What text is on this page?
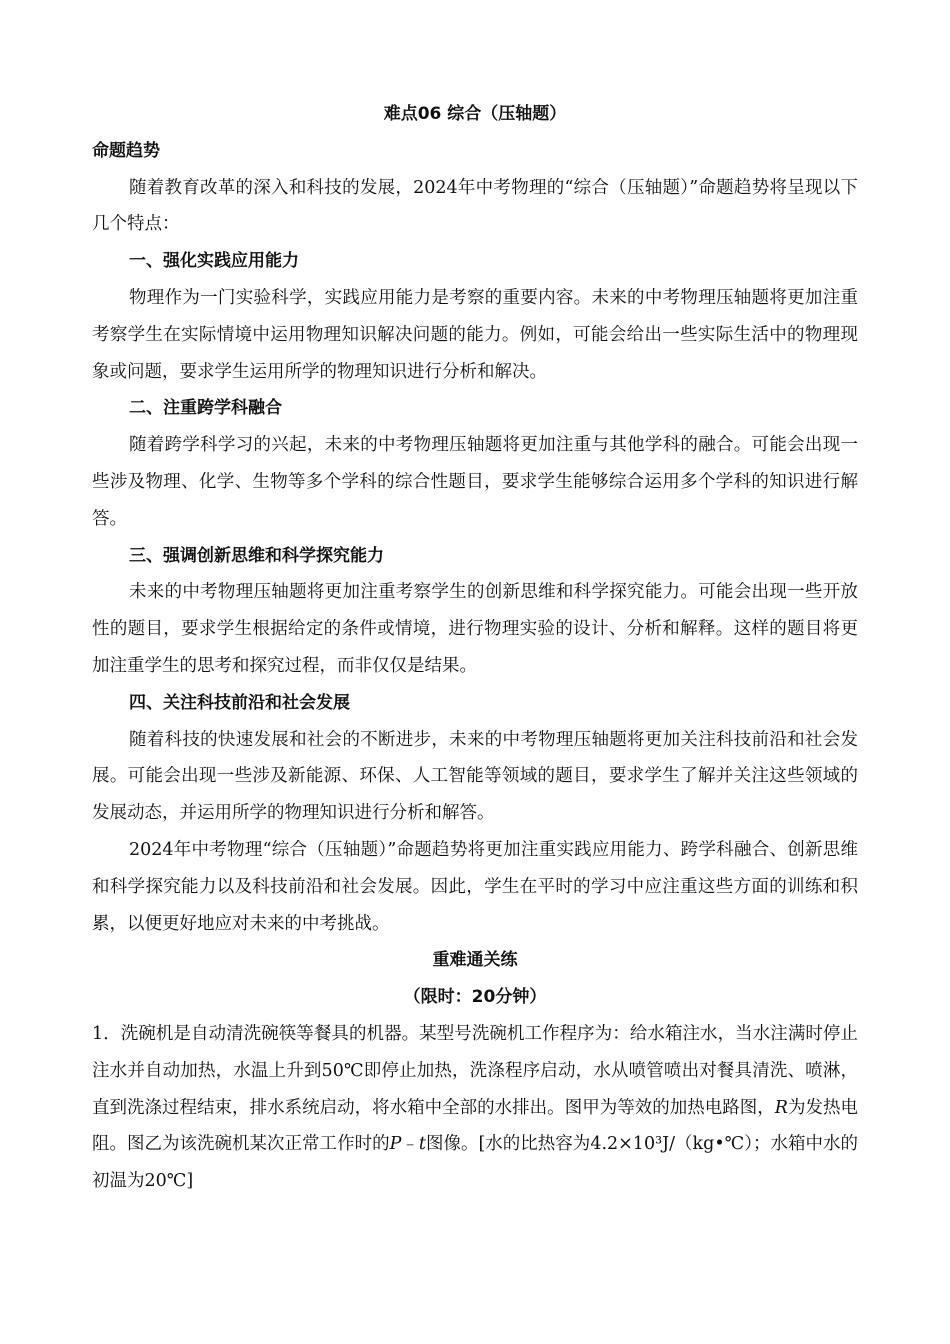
难点06 综合（压轴题）

命题趋势

随着教育改革的深入和科技的发展，2024年中考物理的“综合（压轴题）”命题趋势将呈现以下几个特点：

一、强化实践应用能力

物理作为一门实验科学，实践应用能力是考察的重要内容。未来的中考物理压轴题将更加注重考察学生在实际情境中运用物理知识解决问题的能力。例如，可能会给出一些实际生活中的物理现象或问题，要求学生运用所学的物理知识进行分析和解决。

二、注重跨学科融合

随着跨学科学习的兴起，未来的中考物理压轴题将更加注重与其他学科的融合。可能会出现一些涉及物理、化学、生物等多个学科的综合性题目，要求学生能够综合运用多个学科的知识进行解答。

三、强调创新思维和科学探究能力

未来的中考物理压轴题将更加注重考察学生的创新思维和科学探究能力。可能会出现一些开放性的题目，要求学生根据给定的条件或情境，进行物理实验的设计、分析和解释。这样的题目将更加注重学生的思考和探究过程，而非仅仅是结果。

四、关注科技前沿和社会发展

随着科技的快速发展和社会的不断进步，未来的中考物理压轴题将更加关注科技前沿和社会发展。可能会出现一些涉及新能源、环保、人工智能等领域的题目，要求学生了解并关注这些领域的发展动态，并运用所学的物理知识进行分析和解答。

2024年中考物理“综合（压轴题）”命题趋势将更加注重实践应用能力、跨学科融合、创新思维和科学探究能力以及科技前沿和社会发展。因此，学生在平时的学习中应注重这些方面的训练和积累，以便更好地应对未来的中考挑战。

重难通关练

（限时：20分钟）

1．洗碗机是自动清洗碗筷等餐具的机器。某型号洗碗机工作程序为：给水箱注水，当水注满时停止注水并自动加热，水温上升到50℃即停止加热，洗涤程序启动，水从喷管喷出对餐具清洗、喷淋，直到洗涤过程结束，排水系统启动，将水箱中全部的水排出。图甲为等效的加热电路图，R为发热电阻。图乙为该洗碗机某次正常工作时的P﹣t图像。[水的比热容为4.2×10³J/（kg•℃）；水箱中水的初温为20℃]
